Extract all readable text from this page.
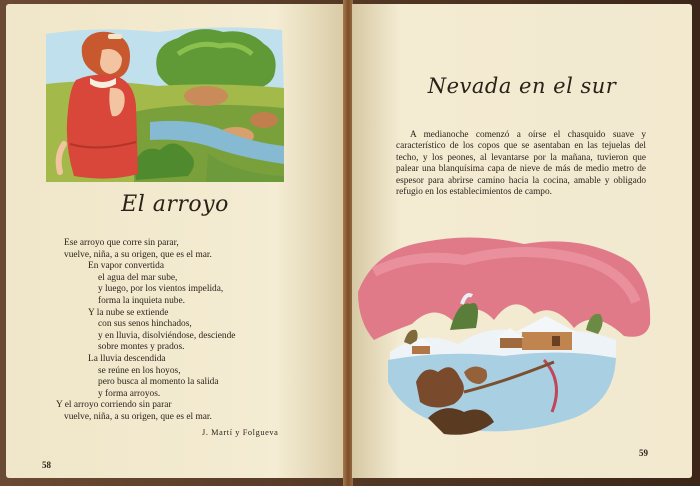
El arroyo
Ese arroyo que corre sin parar,
vuelve, niña, a su origen, que es el mar.
En vapor convertida
el agua del mar sube,
y luego, por los vientos impelida,
forma la inquieta nube.
Y la nube se extiende
con sus senos hinchados,
y en lluvia, disolviéndose, desciende
sobre montes y prados.
La lluvia descendida
se reúne en los hoyos,
pero busca al momento la salida
y forma arroyos.
Y el arroyo corriendo sin parar
vuelve, niña, a su origen, que es el mar.
J. Martí y Folgueva
58
Nevada en el sur

A medianoche comenzó a oírse el chasquido suave y característico de los copos que se asentaban en las tejuelas del techo, y los peones, al levantarse por la mañana, tuvieron que palear una blanquísima capa de nieve de más de medio metro de espesor para abrirse camino hacia la cocina, amable y obligado refugio en los establecimientos de campo.

59
